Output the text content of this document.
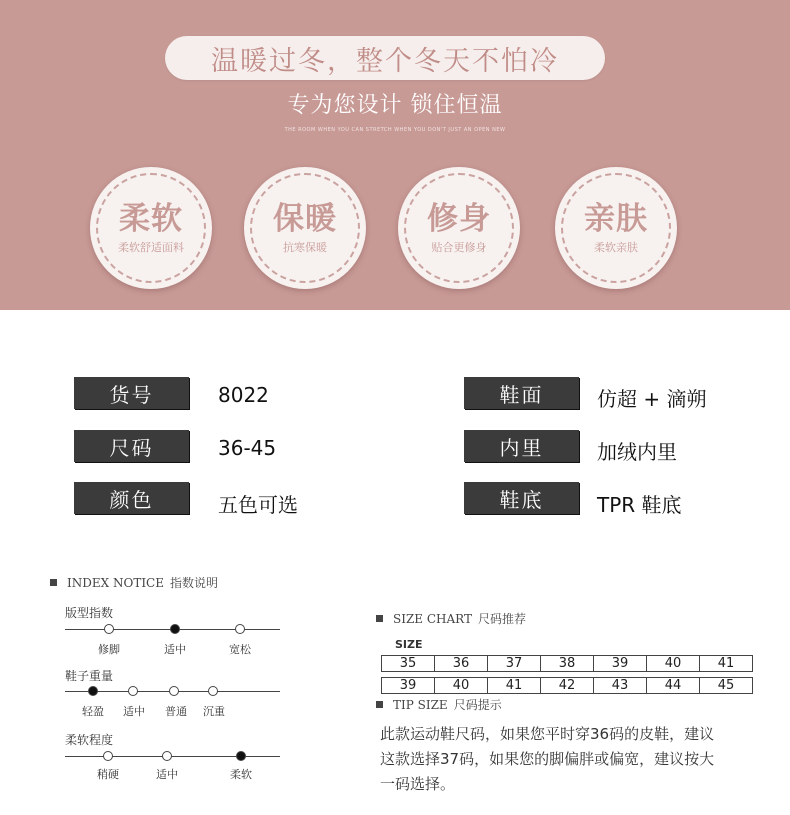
温暖过冬，整个冬天不怕冷
专为您设计 锁住恒温
THE ROOM WHEN YOU CAN STRETCH WHEN YOU DON'T JUST AN OPEN NEW
柔软
柔软舒适面料
保暖
抗寒保暖
修身
贴合更修身
亲肤
柔软亲肤
货号	8022
尺码	36-45
颜色	五色可选
鞋面	仿超 + 滴朔
内里	加绒内里
鞋底	TPR 鞋底
INDEX NOTICE 指数说明
版型指数
修脚	适中	宽松
鞋子重量
轻盈 适中 普通 沉重
柔软程度
稍硬	适中	柔软
SIZE CHART 尺码推荐
SIZE
35	36	37	38	39	40	41
39	40	41	42	43	44	45
TIP SIZE 尺码提示
此款运动鞋尺码，如果您平时穿36码的皮鞋，建议这款选择37码，如果您的脚偏胖或偏宽，建议按大一码选择。
